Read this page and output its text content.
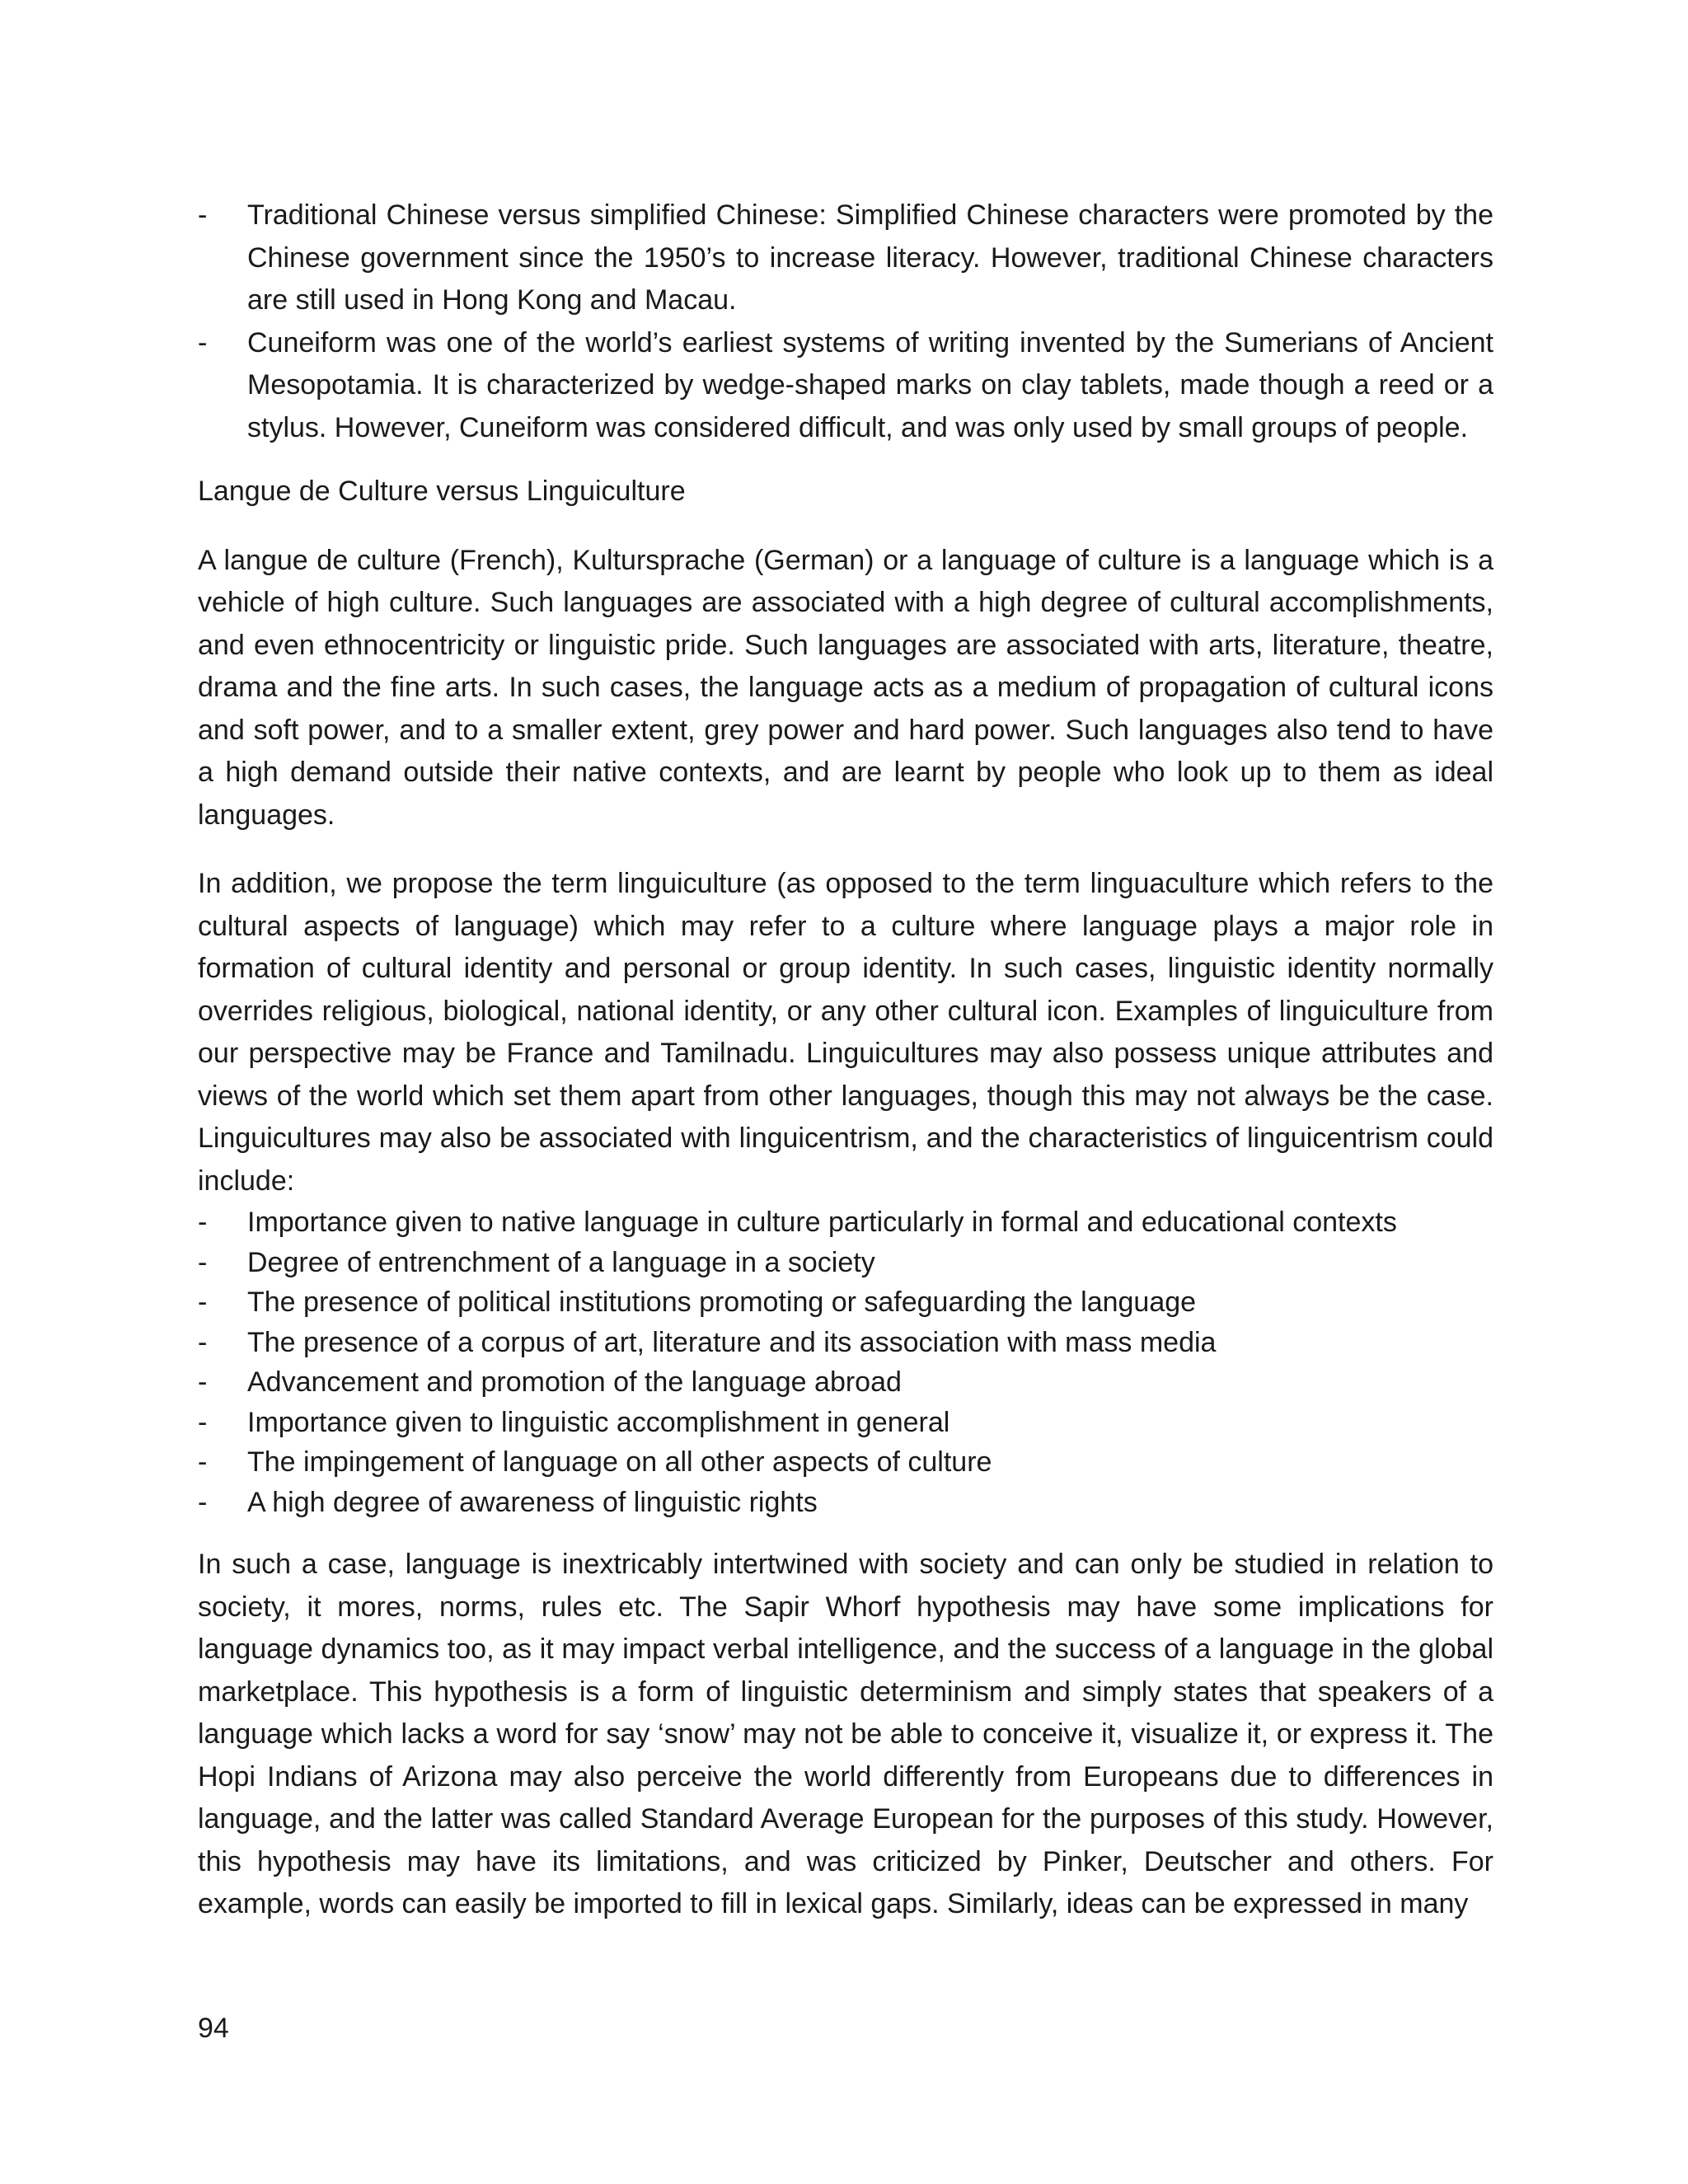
- Traditional Chinese versus simplified Chinese: Simplified Chinese characters were promoted by the Chinese government since the 1950’s to increase literacy. However, traditional Chinese characters are still used in Hong Kong and Macau.
- Cuneiform was one of the world’s earliest systems of writing invented by the Sumerians of Ancient Mesopotamia. It is characterized by wedge-shaped marks on clay tablets, made though a reed or a stylus. However, Cuneiform was considered difficult, and was only used by small groups of people.

Langue de Culture versus Linguiculture

A langue de culture (French), Kultursprache (German) or a language of culture is a language which is a vehicle of high culture. Such languages are associated with a high degree of cultural accomplishments, and even ethnocentricity or linguistic pride. Such languages are associated with arts, literature, theatre, drama and the fine arts. In such cases, the language acts as a medium of propagation of cultural icons and soft power, and to a smaller extent, grey power and hard power. Such languages also tend to have a high demand outside their native contexts, and are learnt by people who look up to them as ideal languages.

In addition, we propose the term linguiculture (as opposed to the term linguaculture which refers to the cultural aspects of language) which may refer to a culture where language plays a major role in formation of cultural identity and personal or group identity. In such cases, linguistic identity normally overrides religious, biological, national identity, or any other cultural icon. Examples of linguiculture from our perspective may be France and Tamilnadu. Linguicultures may also possess unique attributes and views of the world which set them apart from other languages, though this may not always be the case. Linguicultures may also be associated with linguicentrism, and the characteristics of linguicentrism could include:

- Importance given to native language in culture particularly in formal and educational contexts
- Degree of entrenchment of a language in a society
- The presence of political institutions promoting or safeguarding the language
- The presence of a corpus of art, literature and its association with mass media
- Advancement and promotion of the language abroad
- Importance given to linguistic accomplishment in general
- The impingement of language on all other aspects of culture
- A high degree of awareness of linguistic rights

In such a case, language is inextricably intertwined with society and can only be studied in relation to society, it mores, norms, rules etc. The Sapir Whorf hypothesis may have some implications for language dynamics too, as it may impact verbal intelligence, and the success of a language in the global marketplace. This hypothesis is a form of linguistic determinism and simply states that speakers of a language which lacks a word for say ‘snow’ may not be able to conceive it, visualize it, or express it. The Hopi Indians of Arizona may also perceive the world differently from Europeans due to differences in language, and the latter was called Standard Average European for the purposes of this study. However, this hypothesis may have its limitations, and was criticized by Pinker, Deutscher and others. For example, words can easily be imported to fill in lexical gaps. Similarly, ideas can be expressed in many

94
